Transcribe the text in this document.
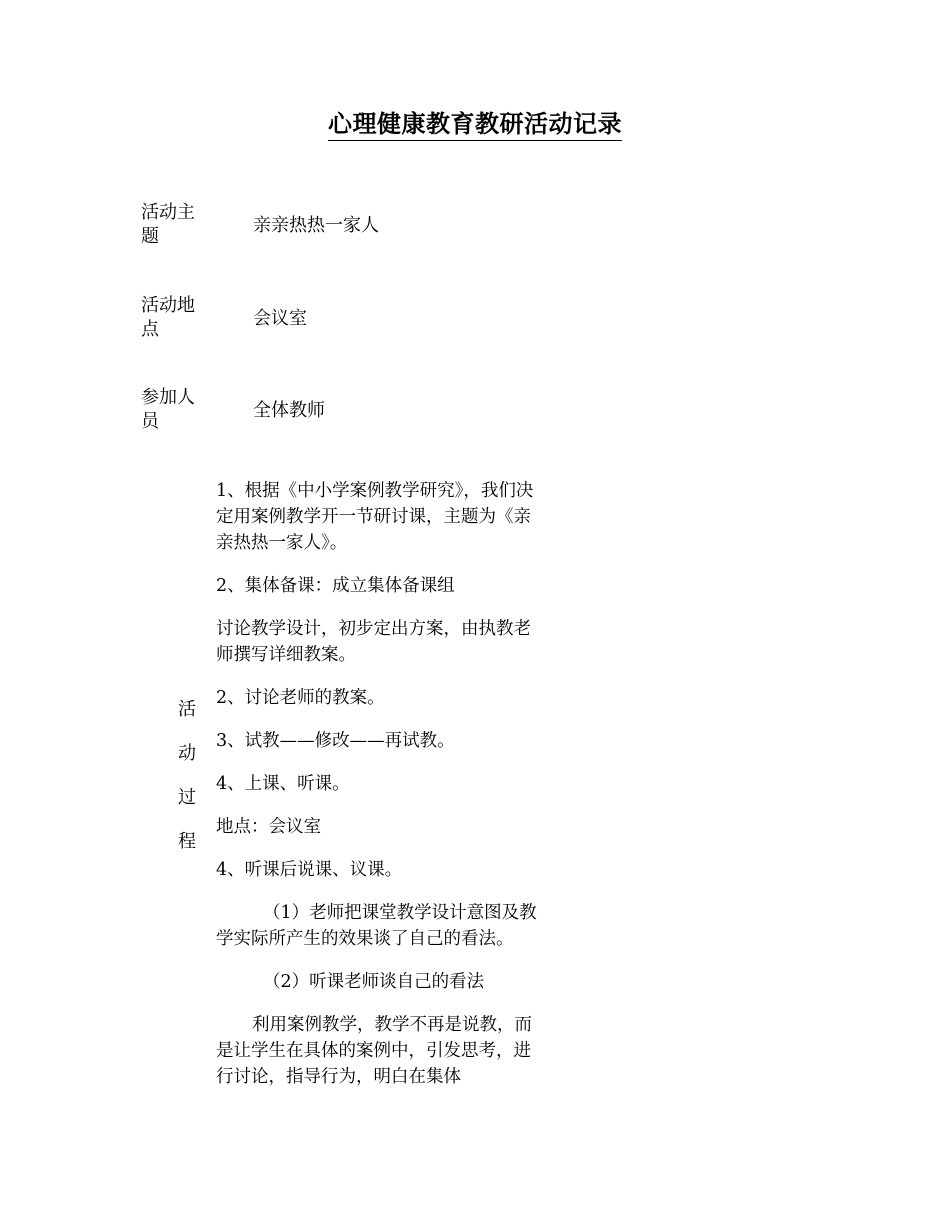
心理健康教育教研活动记录
活动主题
亲亲热热一家人
活动地点
会议室
参加人员
全体教师
活
动
过
程

1、根据《中小学案例教学研究》，我们决定用案例教学开一节研讨课，主题为《亲亲热热一家人》。

2、集体备课：成立集体备课组

讨论教学设计，初步定出方案，由执教老师撰写详细教案。

2、讨论老师的教案。

3、试教——修改——再试教。

4、上课、听课。

地点：会议室

4、听课后说课、议课。

（1）老师把课堂教学设计意图及教学实际所产生的效果谈了自己的看法。

（2）听课老师谈自己的看法

利用案例教学，教学不再是说教，而是让学生在具体的案例中，引发思考，进行讨论，指导行为，明白在集体
